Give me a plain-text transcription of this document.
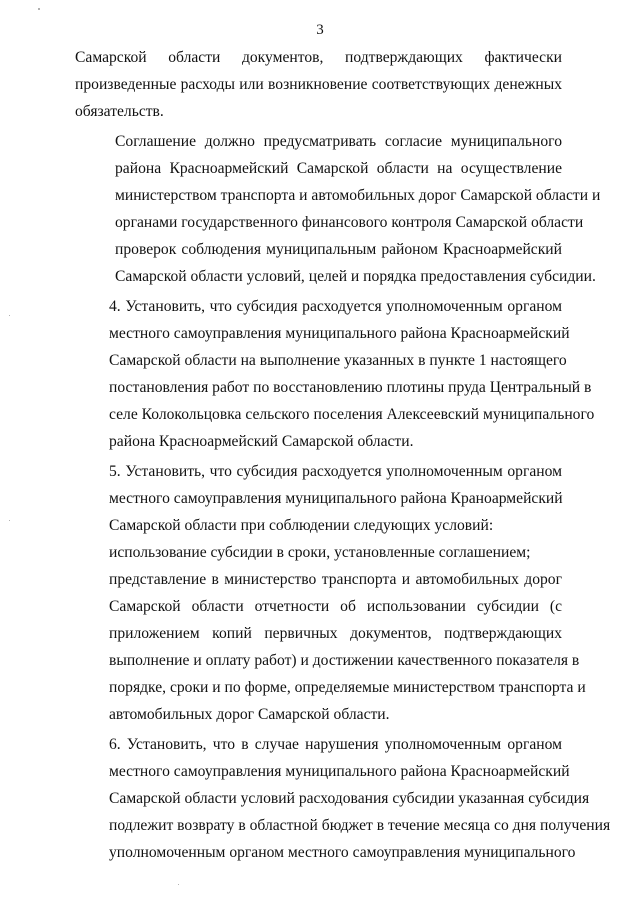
3

Самарской области документов, подтверждающих фактически
произведенные расходы или возникновение соответствующих денежных
обязательств.

Соглашение должно предусматривать согласие муниципального
района Красноармейский Самарской области на осуществление
министерством транспорта и автомобильных дорог Самарской области и
органами государственного финансового контроля Самарской области
проверок соблюдения муниципальным районом Красноармейский
Самарской области условий, целей и порядка предоставления субсидии.

4. Установить, что субсидия расходуется уполномоченным органом
местного самоуправления муниципального района Красноармейский
Самарской области на выполнение указанных в пункте 1 настоящего
постановления работ по восстановлению плотины пруда Центральный в
селе Колокольцовка сельского поселения Алексеевский муниципального
района Красноармейский Самарской области.

5. Установить, что субсидия расходуется уполномоченным органом
местного самоуправления муниципального района Краноармейский
Самарской области при соблюдении следующих условий:

использование субсидии в сроки, установленные соглашением;

представление в министерство транспорта и автомобильных дорог
Самарской области отчетности об использовании субсидии (с
приложением копий первичных документов, подтверждающих
выполнение и оплату работ) и достижении качественного показателя в
порядке, сроки и по форме, определяемые министерством транспорта и
автомобильных дорог Самарской области.

6. Установить, что в случае нарушения уполномоченным органом
местного самоуправления муниципального района Красноармейский
Самарской области условий расходования субсидии указанная субсидия
подлежит возврату в областной бюджет в течение месяца со дня получения
уполномоченным органом местного самоуправления муниципального
